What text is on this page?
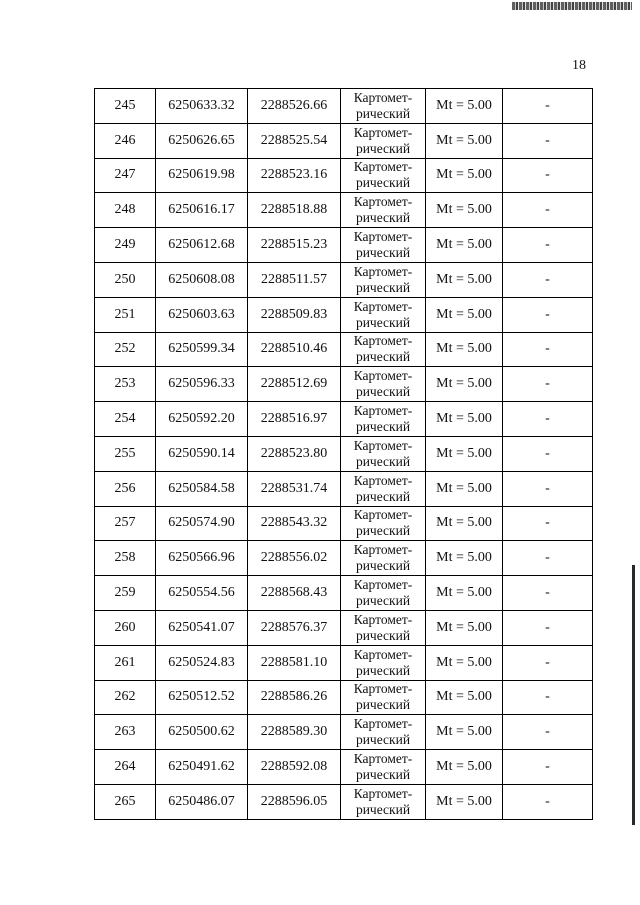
18
245	6250633.32	2288526.66	Картомет-
рический	Mt = 5.00	-
246	6250626.65	2288525.54	Картомет-
рический	Mt = 5.00	-
247	6250619.98	2288523.16	Картомет-
рический	Mt = 5.00	-
248	6250616.17	2288518.88	Картомет-
рический	Mt = 5.00	-
249	6250612.68	2288515.23	Картомет-
рический	Mt = 5.00	-
250	6250608.08	2288511.57	Картомет-
рический	Mt = 5.00	-
251	6250603.63	2288509.83	Картомет-
рический	Mt = 5.00	-
252	6250599.34	2288510.46	Картомет-
рический	Mt = 5.00	-
253	6250596.33	2288512.69	Картомет-
рический	Mt = 5.00	-
254	6250592.20	2288516.97	Картомет-
рический	Mt = 5.00	-
255	6250590.14	2288523.80	Картомет-
рический	Mt = 5.00	-
256	6250584.58	2288531.74	Картомет-
рический	Mt = 5.00	-
257	6250574.90	2288543.32	Картомет-
рический	Mt = 5.00	-
258	6250566.96	2288556.02	Картомет-
рический	Mt = 5.00	-
259	6250554.56	2288568.43	Картомет-
рический	Mt = 5.00	-
260	6250541.07	2288576.37	Картомет-
рический	Mt = 5.00	-
261	6250524.83	2288581.10	Картомет-
рический	Mt = 5.00	-
262	6250512.52	2288586.26	Картомет-
рический	Mt = 5.00	-
263	6250500.62	2288589.30	Картомет-
рический	Mt = 5.00	-
264	6250491.62	2288592.08	Картомет-
рический	Mt = 5.00	-
265	6250486.07	2288596.05	Картомет-
рический	Mt = 5.00	-
